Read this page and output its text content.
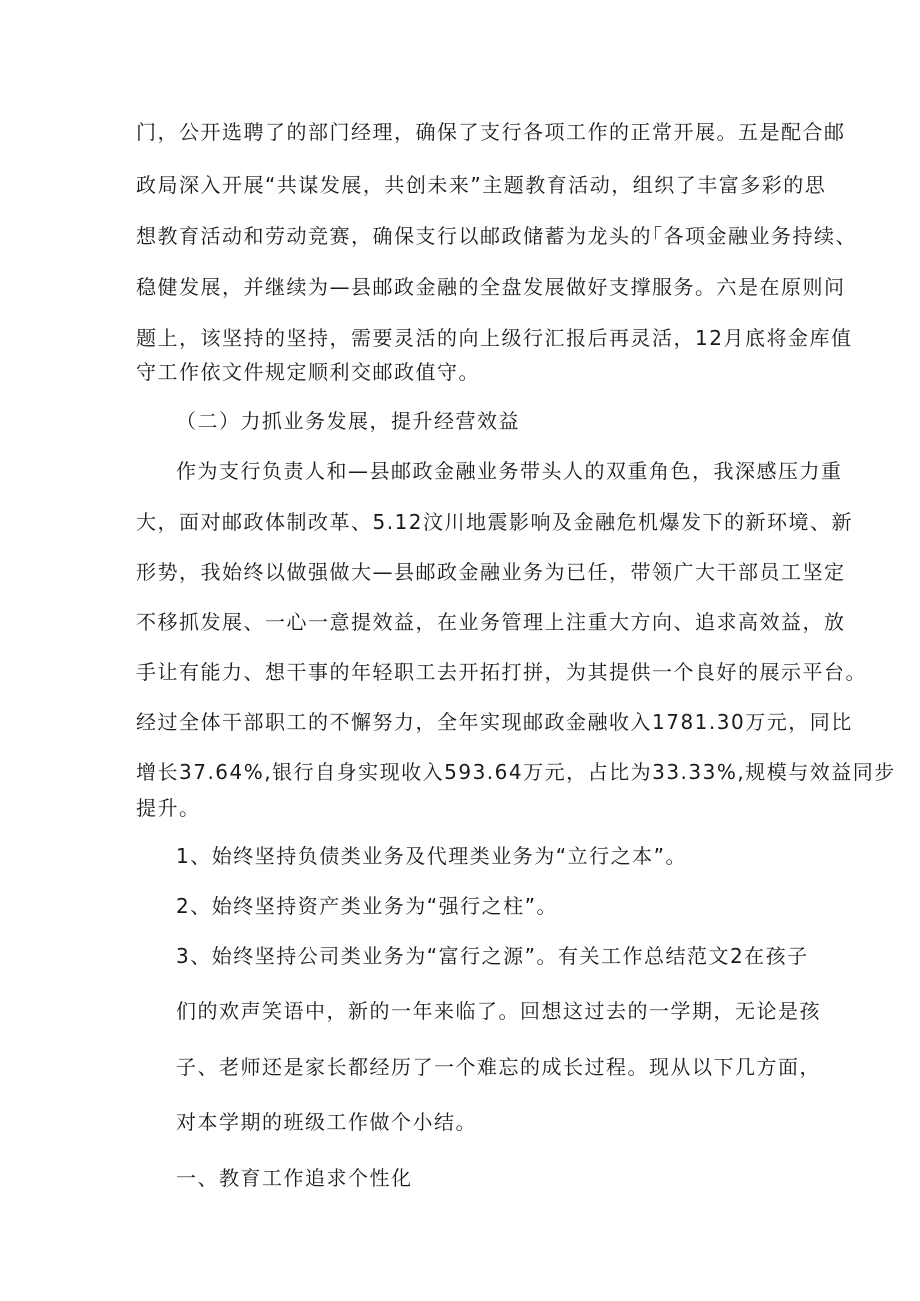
门，公开选聘了的部门经理，确保了支行各项工作的正常开展。五是配合邮
政局深入开展“共谋发展，共创未来”主题教育活动，组织了丰富多彩的思
想教育活动和劳动竞赛，确保支行以邮政储蓄为龙头的｢各项金融业务持续、
稳健发展，并继续为—县邮政金融的全盘发展做好支撑服务。六是在原则问
题上，该坚持的坚持，需要灵活的向上级行汇报后再灵活，12月底将金库值
守工作依文件规定顺利交邮政值守。
（二）力抓业务发展，提升经营效益
作为支行负责人和—县邮政金融业务带头人的双重角色，我深感压力重
大，面对邮政体制改革、5.12汶川地震影响及金融危机爆发下的新环境、新
形势，我始终以做强做大—县邮政金融业务为已任，带领广大干部员工坚定
不移抓发展、一心一意提效益，在业务管理上注重大方向、追求高效益，放
手让有能力、想干事的年轻职工去开拓打拼，为其提供一个良好的展示平台。
经过全体干部职工的不懈努力，全年实现邮政金融收入1781.30万元，同比
增长37.64%,银行自身实现收入593.64万元，占比为33.33%,规模与效益同步
提升。
1、始终坚持负债类业务及代理类业务为“立行之本”。
2、始终坚持资产类业务为“强行之柱”。
3、始终坚持公司类业务为“富行之源”。有关工作总结范文2在孩子
们的欢声笑语中，新的一年来临了。回想这过去的一学期，无论是孩
子、老师还是家长都经历了一个难忘的成长过程。现从以下几方面，
对本学期的班级工作做个小结。
一、教育工作追求个性化
